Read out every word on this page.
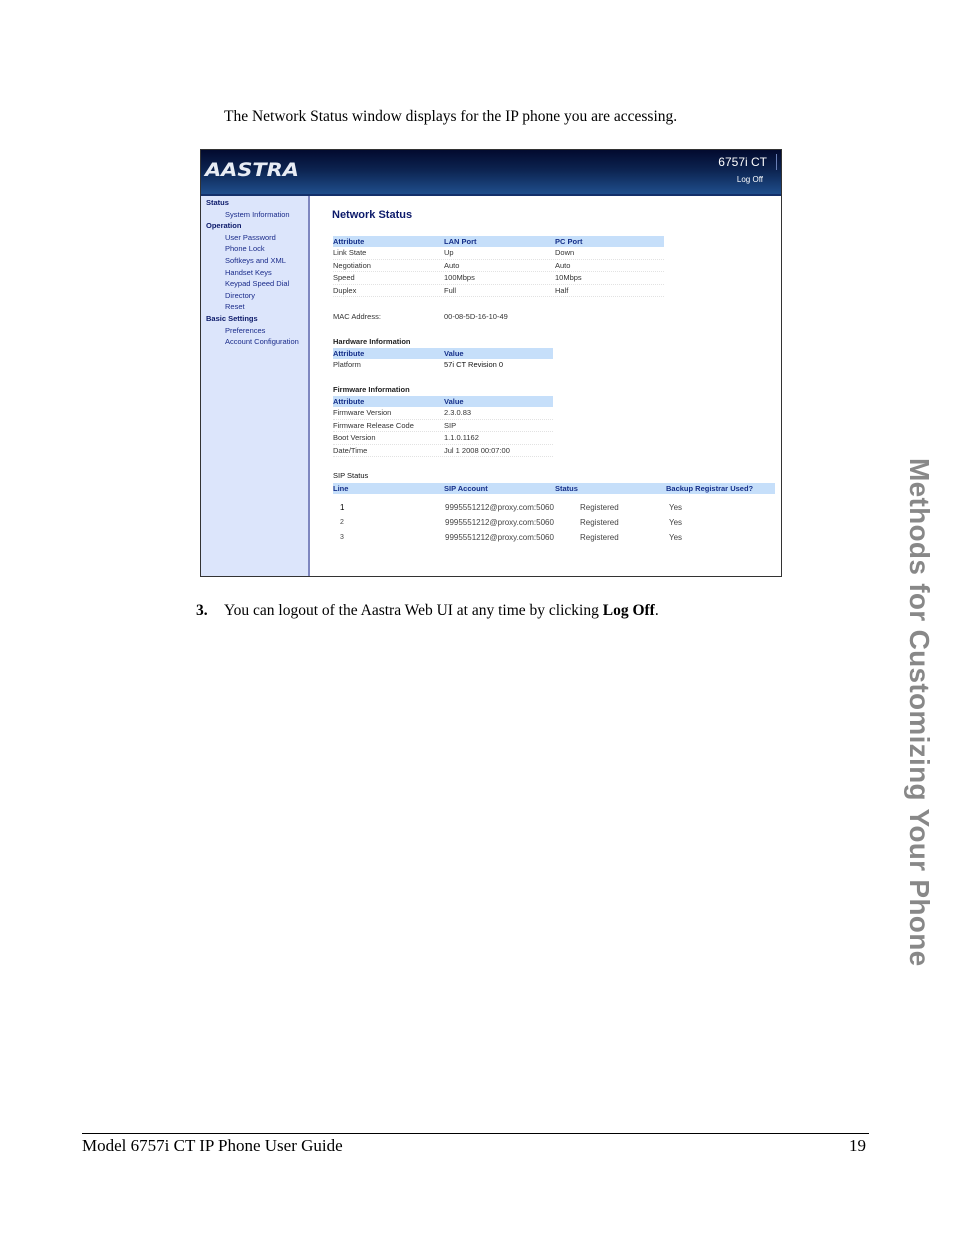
The Network Status window displays for the IP phone you are accessing.
AASTRA	6757i CT
Log Off
Status
System Information
Operation
User Password
Phone Lock
Softkeys and XML
Handset Keys
Keypad Speed Dial
Directory
Reset
Basic Settings
Preferences
Account Configuration
Network Status
Attribute	LAN Port	PC Port
Link State	Up	Down
Negotiation	Auto	Auto
Speed	100Mbps	10Mbps
Duplex	Full	Half
MAC Address:	00-08-5D-16-10-49
Hardware Information
Attribute	Value
Platform	57i CT Revision 0
Firmware Information
Attribute	Value
Firmware Version	2.3.0.83
Firmware Release Code	SIP
Boot Version	1.1.0.1162
Date/Time	Jul 1 2008 00:07:00
SIP Status
Line	SIP Account	Status	Backup Registrar Used?
1	9995551212@proxy.com:5060	Registered	Yes
2	9995551212@proxy.com:5060	Registered	Yes
3	9995551212@proxy.com:5060	Registered	Yes
3. You can logout of the Aastra Web UI at any time by clicking Log Off.	Methods for Customizing Your Phone
Model 6757i CT IP Phone User Guide	19
